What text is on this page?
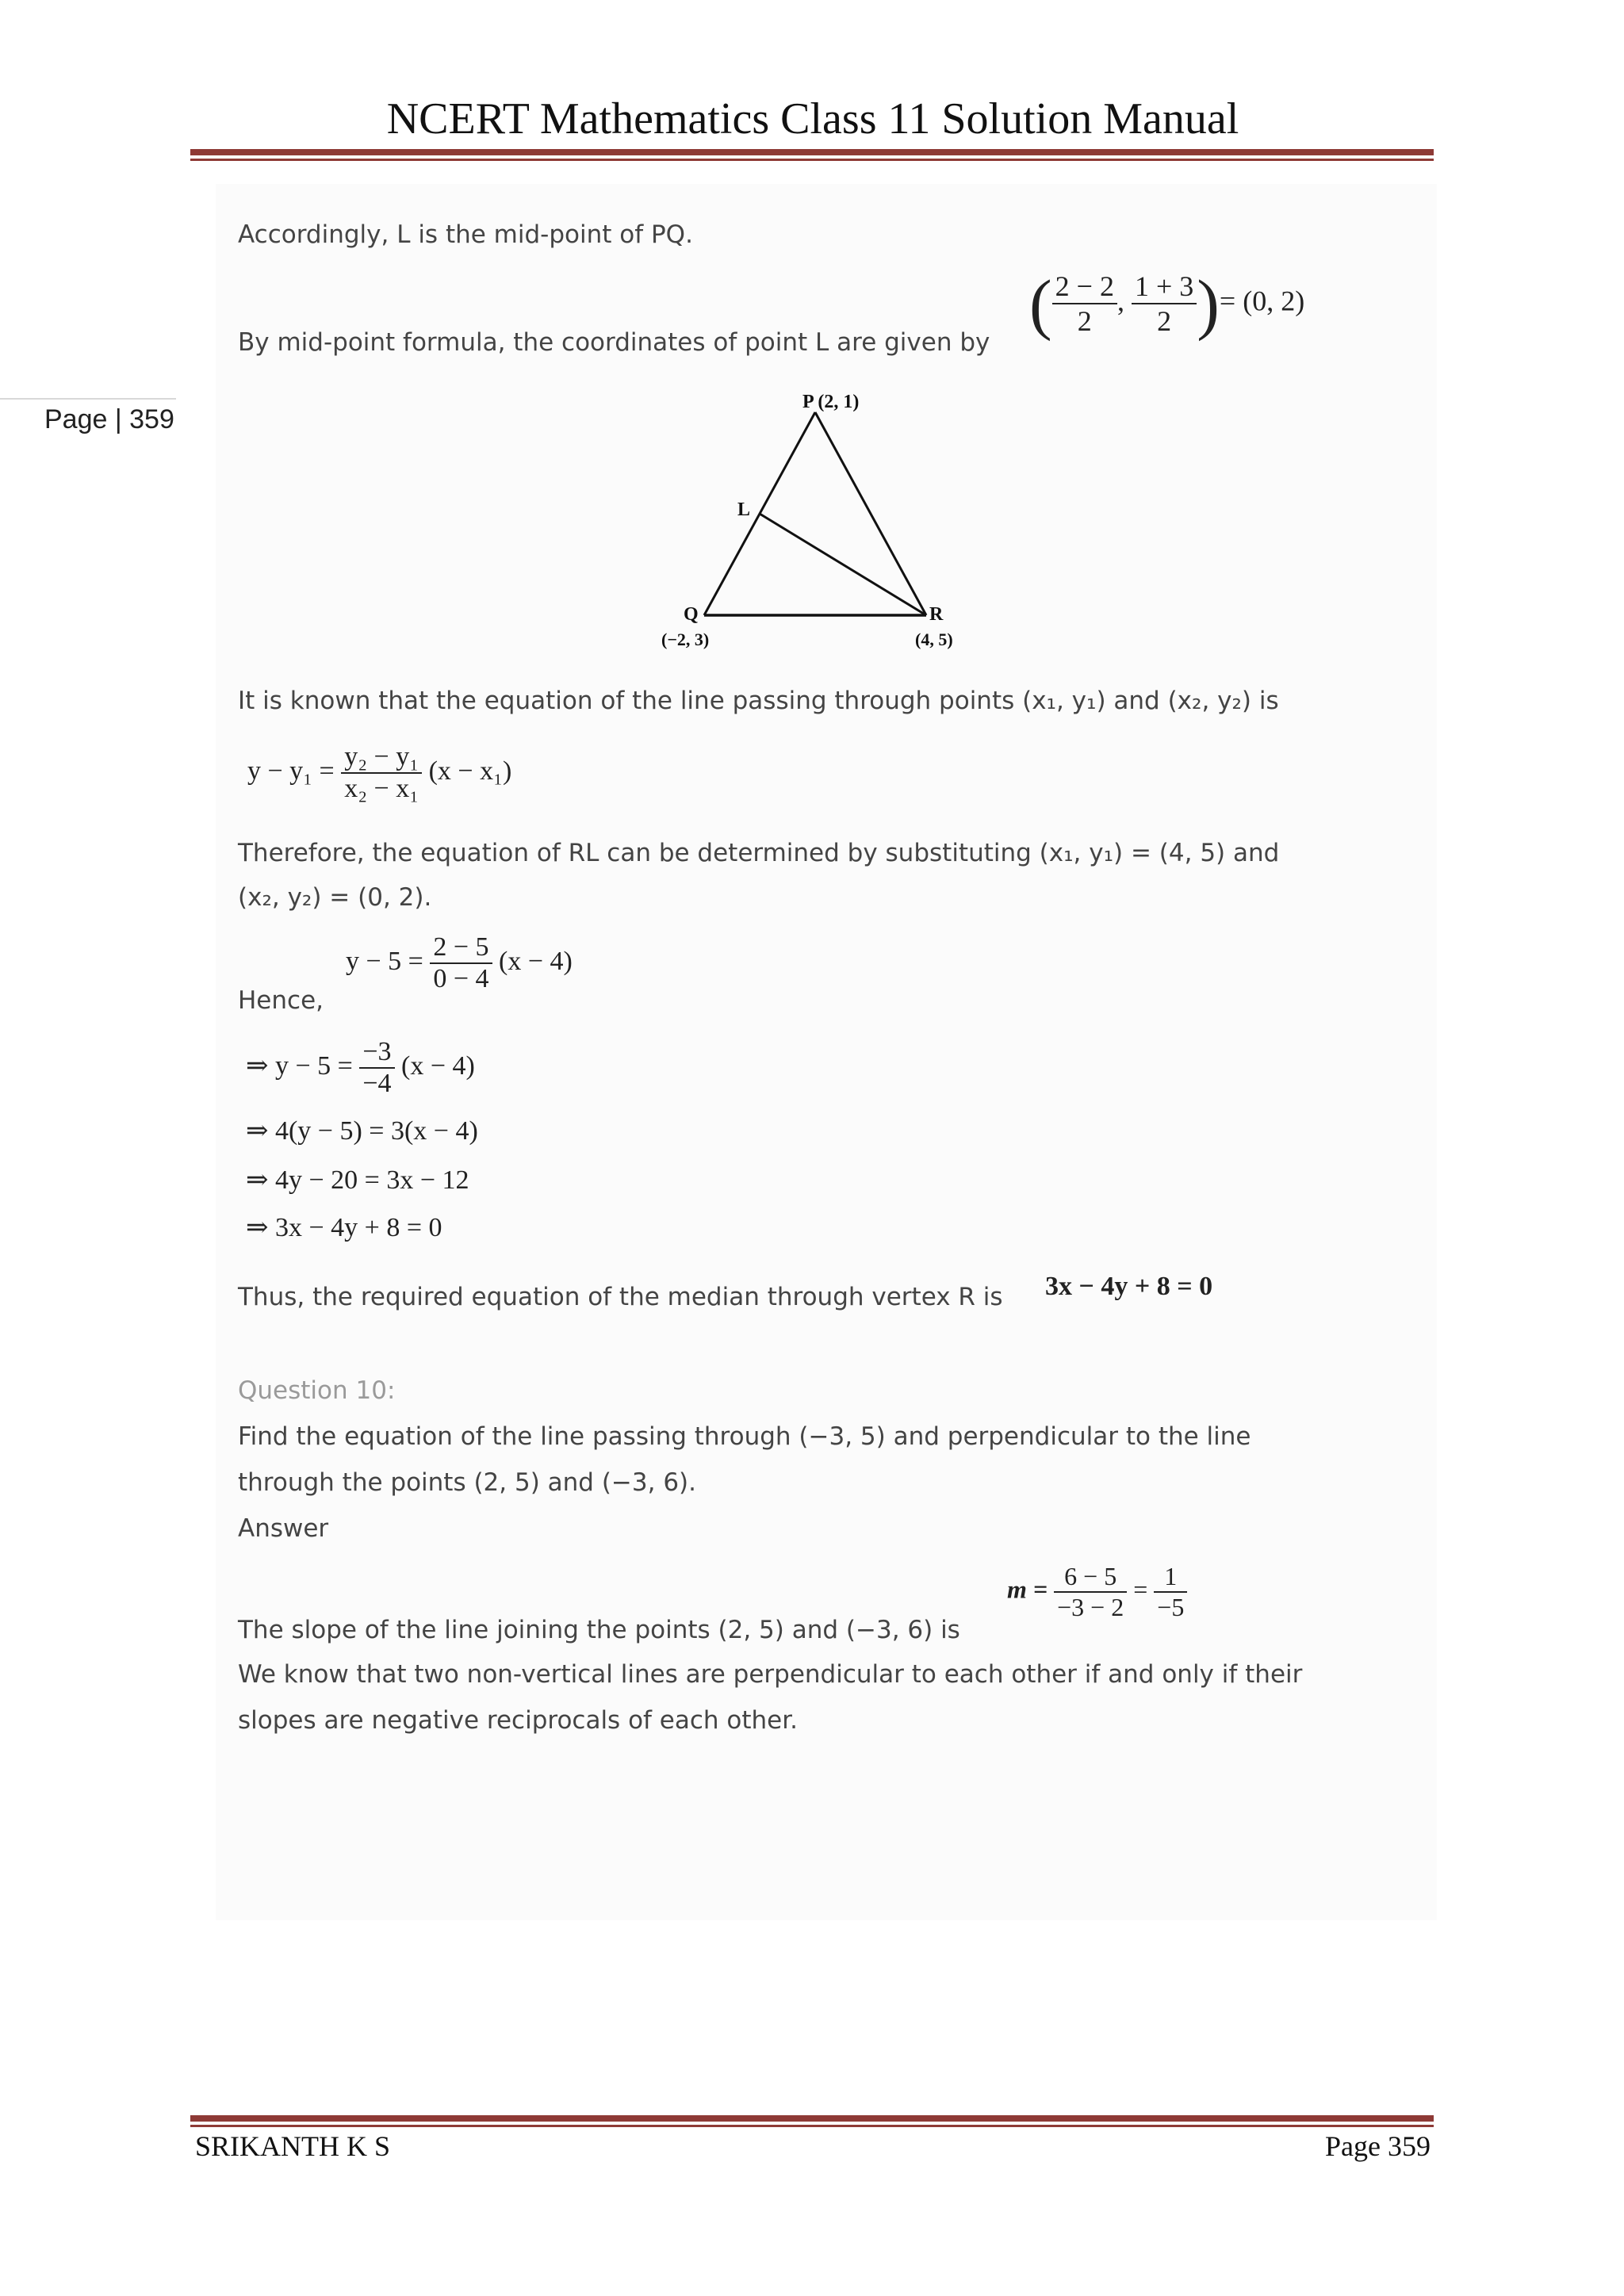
NCERT Mathematics Class 11 Solution Manual
Page | 359
Accordingly, L is the mid-point of PQ.
By mid-point formula, the coordinates of point L are given by
( $\frac{2 - 2}{2}$ , $\frac{1 + 3}{2}$ )= (0, 2)
P (2, 1)
L
Q
(−2, 3)
R
(4, 5)
It is known that the equation of the line passing through points (x₁, y₁) and (x₂, y₂) is
$y - y_1 = \frac{\text{y₂ − y₁}}{\text{x₂ − x₁}} (x - x_1)$
Therefore, the equation of RL can be determined by substituting (x₁, y₁) = (4, 5) and
(x₂, y₂) = (0, 2).
Hence,
$y - 5 = \frac{2 - 5}{0 - 4} (x - 4)$
⇒ $y - 5 = \frac{-3}{-4} (x - 4)$
⇒ 4(y − 5) = 3(x − 4)
⇒ 4y − 20 = 3x − 12
⇒ 3x − 4y + 8 = 0
Thus, the required equation of the median through vertex R is 3x − 4y + 8 = 0
Question 10:
Find the equation of the line passing through (−3, 5) and perpendicular to the line
through the points (2, 5) and (−3, 6).
Answer
The slope of the line joining the points (2, 5) and (−3, 6) is
$m = \frac{6 - 5}{-3 - 2} = \frac{1}{-5}$
We know that two non-vertical lines are perpendicular to each other if and only if their
slopes are negative reciprocals of each other.
SRIKANTH K S	Page 359
